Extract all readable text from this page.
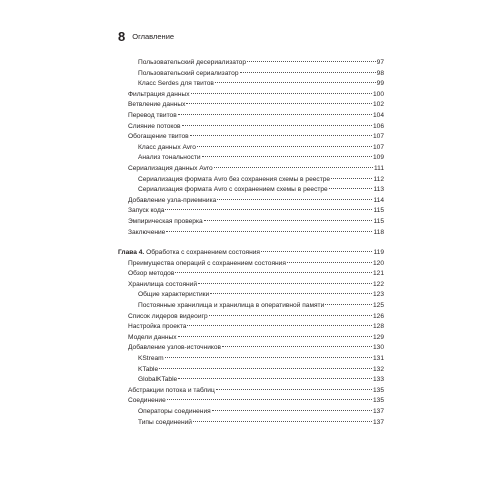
8 Оглавление
Пользовательский десериализатор	97
Пользовательский сериализатор	98
Класс Serdes для твитов	99
Фильтрация данных	100
Ветвление данных	102
Перевод твитов	104
Слияние потоков	106
Обогащение твитов	107
Класс данных Avro	107
Анализ тональности	109
Сериализация данных Avro	111
Сериализация формата Avro без сохранения схемы в реестре	112
Сериализация формата Avro с сохранением схемы в реестре	113
Добавление узла-приемника	114
Запуск кода	115
Эмпирическая проверка	115
Заключение	118
Глава 4. Обработка с сохранением состояния	119
Преимущества операций с сохранением состояния	120
Обзор методов	121
Хранилища состояний	122
Общие характеристики	123
Постоянные хранилища и хранилища в оперативной памяти	125
Список лидеров видеоигр	126
Настройка проекта	128
Модели данных	129
Добавление узлов-источников	130
KStream	131
KTable	132
GlobalKTable	133
Абстракции потока и таблиц	135
Соединение	135
Операторы соединения	137
Типы соединений	137
